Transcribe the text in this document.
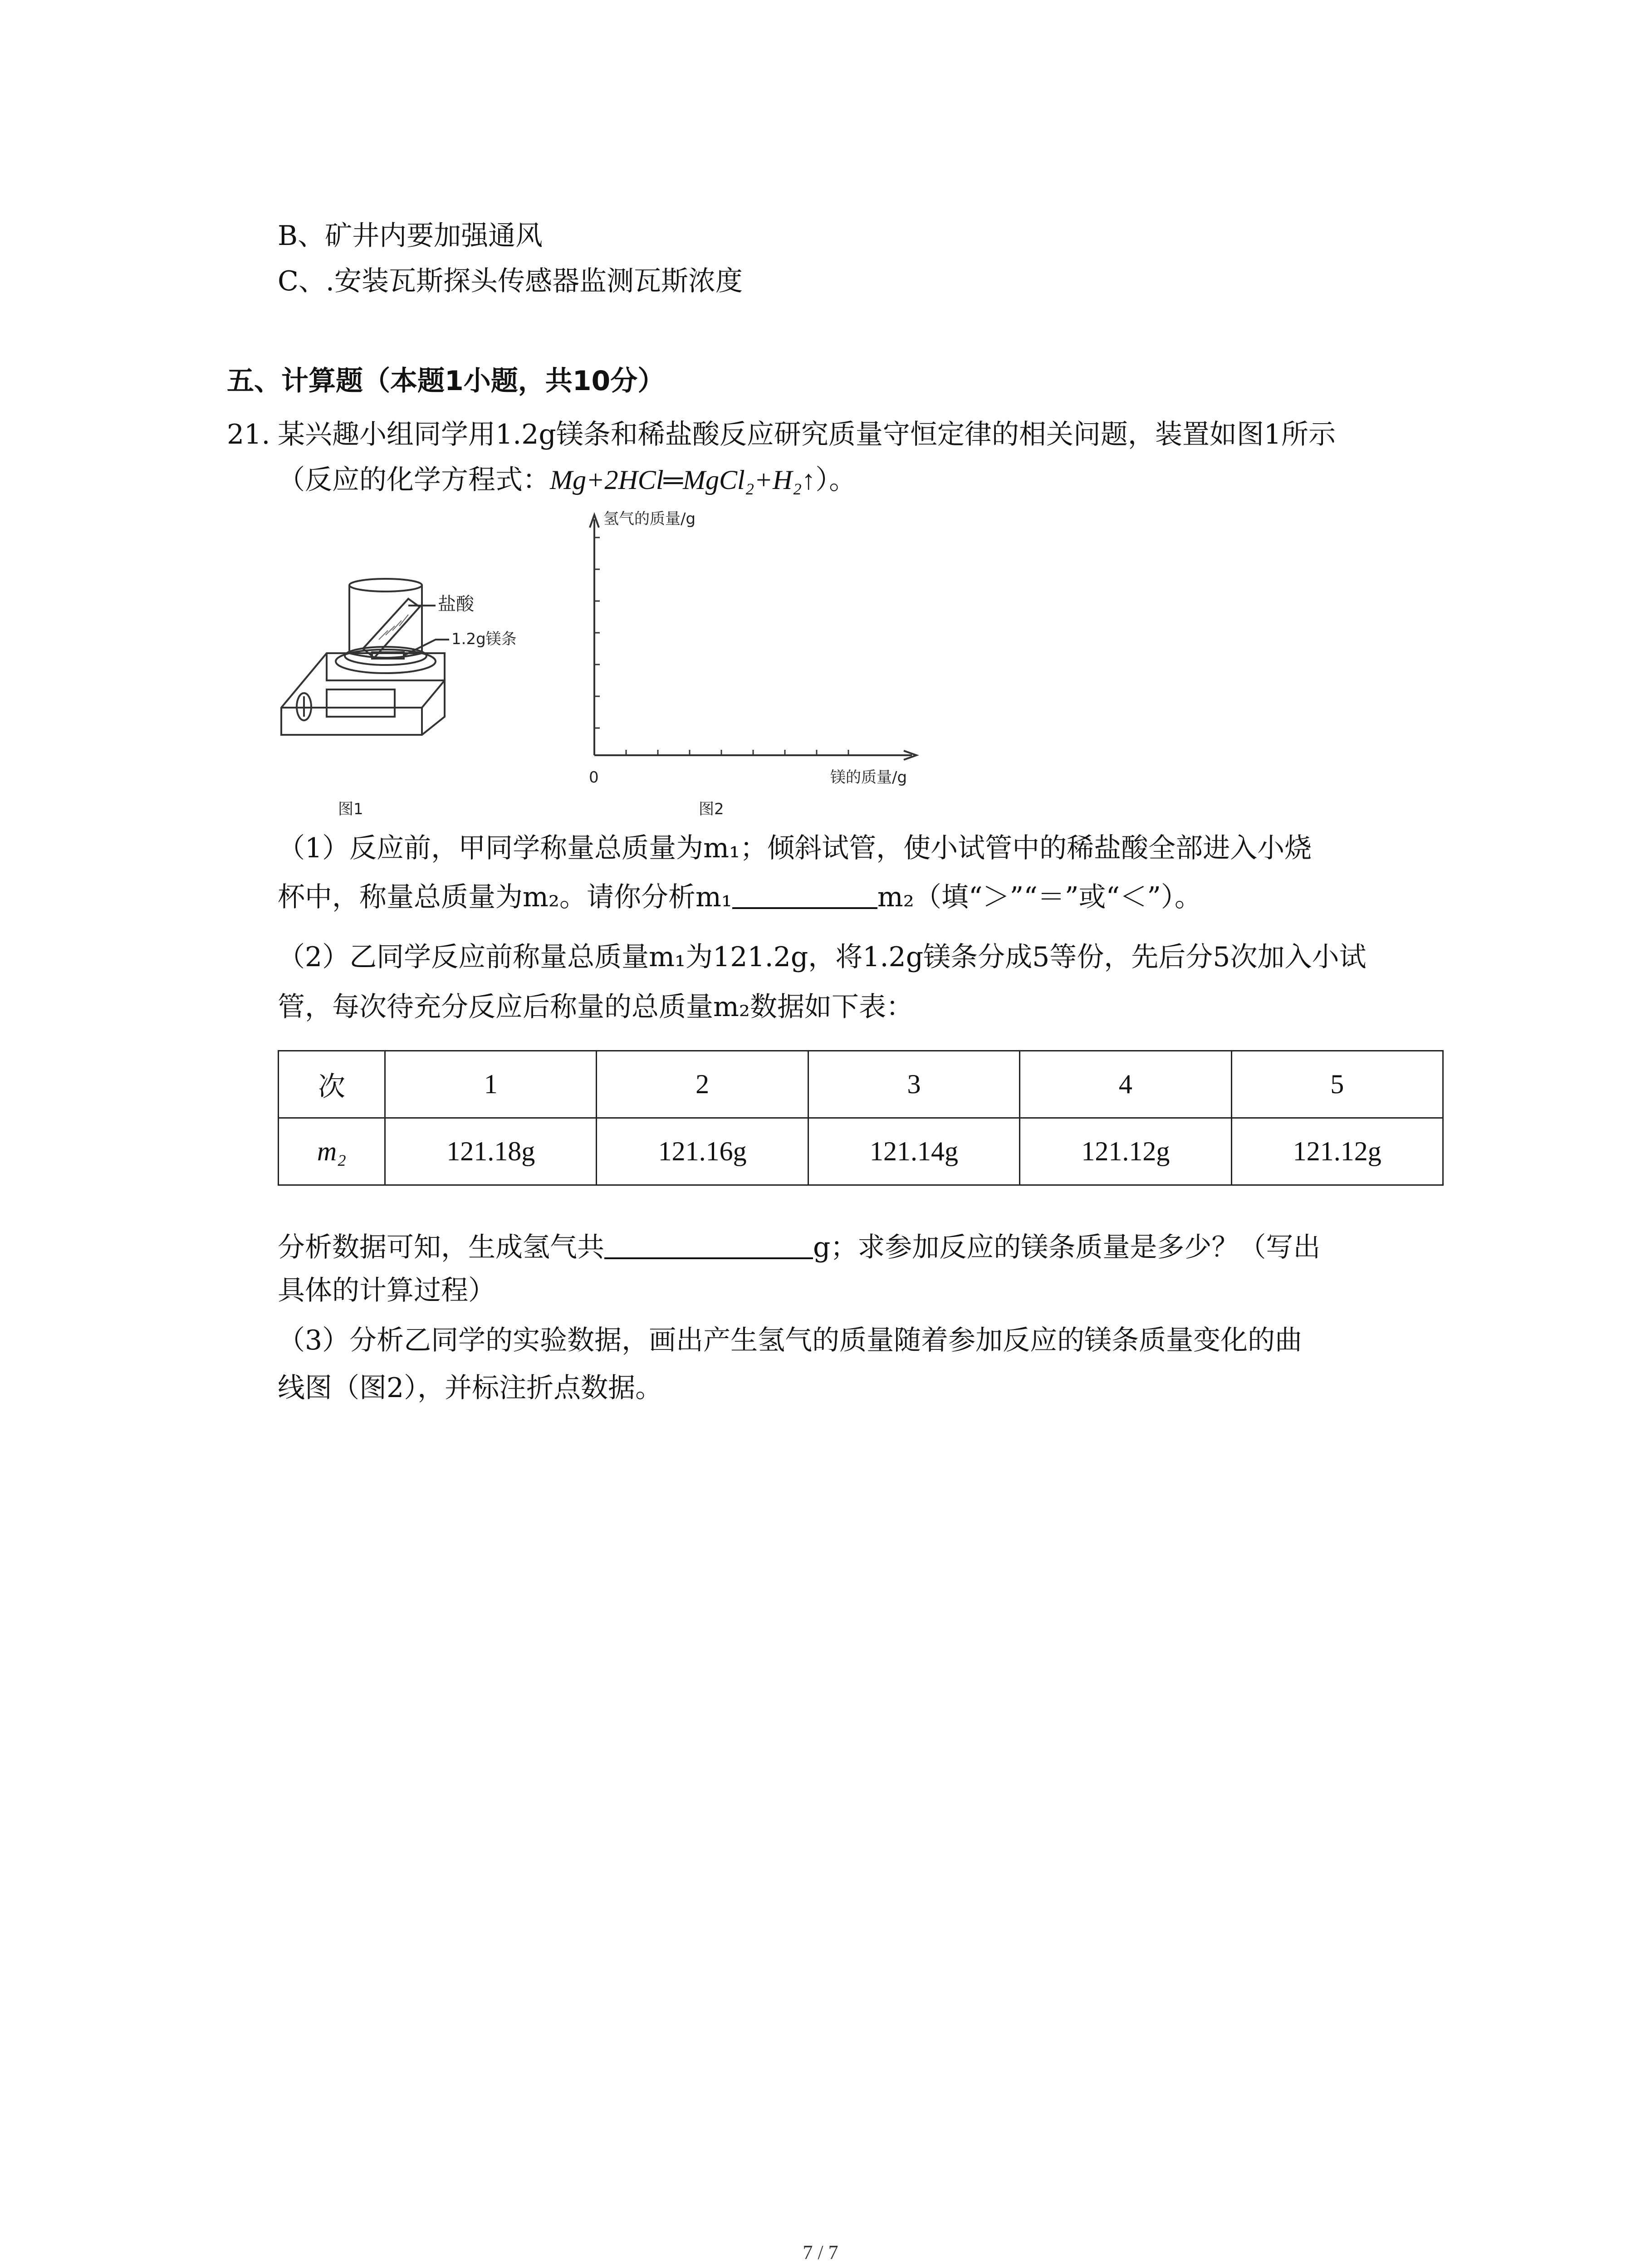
B、矿井内要加强通风
C、.安装瓦斯探头传感器监测瓦斯浓度
五、计算题（本题1小题，共10分）
21. 某兴趣小组同学用1.2g镁条和稀盐酸反应研究质量守恒定律的相关问题，装置如图1所示
（反应的化学方程式：Mg+2HCl═MgCl₂+H₂↑）。
盐酸
1.2g镁条
图1
氢气的质量/g
镁的质量/g
0
图2
（1）反应前，甲同学称量总质量为m₁；倾斜试管，使小试管中的稀盐酸全部进入小烧
杯中，称量总质量为m₂。请你分析m₁	m₂（填“＞”“＝”或“＜”）。
（2）乙同学反应前称量总质量m₁为121.2g，将1.2g镁条分成5等份，先后分5次加入小试
管，每次待充分反应后称量的总质量m₂数据如下表：
次	1	2	3	4	5
m₂	121.18g	121.16g	121.14g	121.12g	121.12g
分析数据可知，生成氢气共	g；求参加反应的镁条质量是多少？（写出
具体的计算过程）
（3）分析乙同学的实验数据，画出产生氢气的质量随着参加反应的镁条质量变化的曲
线图（图2），并标注折点数据。
7 / 7
